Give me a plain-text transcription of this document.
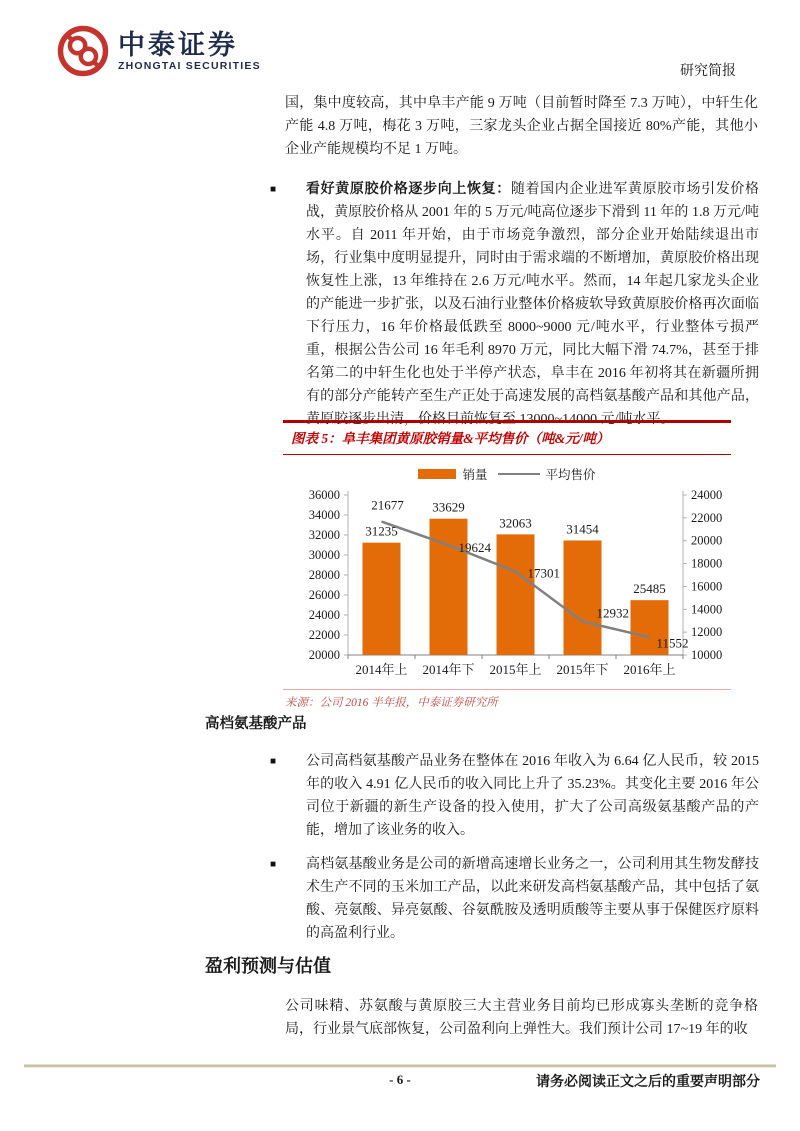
中泰证券
ZHONGTAI SECURITIES	研究简报
国，集中度较高，其中阜丰产能 9 万吨（目前暂时降至 7.3 万吨），中轩生化产能 4.8 万吨，梅花 3 万吨，三家龙头企业占据全国接近 80%产能，其他小企业产能规模均不足 1 万吨。
■	看好黄原胶价格逐步向上恢复：随着国内企业进军黄原胶市场引发价格战，黄原胶价格从 2001 年的 5 万元/吨高位逐步下滑到 11 年的 1.8 万元/吨水平。自 2011 年开始，由于市场竞争激烈，部分企业开始陆续退出市场，行业集中度明显提升，同时由于需求端的不断增加，黄原胶价格出现恢复性上涨，13 年维持在 2.6 万元/吨水平。然而，14 年起几家龙头企业的产能进一步扩张，以及石油行业整体价格疲软导致黄原胶价格再次面临下行压力，16 年价格最低跌至 8000~9000 元/吨水平，行业整体亏损严重，根据公告公司 16 年毛利 8970 万元，同比大幅下滑 74.7%，甚至于排名第二的中轩生化也处于半停产状态，阜丰在 2016 年初将其在新疆所拥有的部分产能转产至生产正处于高速发展的高档氨基酸产品和其他产品，黄原胶逐步出清，价格目前恢复至 13000~14000 元/吨水平。
图表 5：阜丰集团黄原胶销量&平均售价（吨&元/吨）
销量	平均售价
36000
34000
32000
30000
28000
26000
24000
22000
20000
24000
22000
20000
18000
16000
14000
12000
10000
2014年上 2014年下 2015年上 2015年下 2016年上
31235
33629
32063	31454
25485
21677
19624
17301
12932
11552
来源：公司 2016 半年报，中泰证券研究所
高档氨基酸产品
■	公司高档氨基酸产品业务在整体在 2016 年收入为 6.64 亿人民币，较 2015 年的收入 4.91 亿人民币的收入同比上升了 35.23%。其变化主要 2016 年公司位于新疆的新生产设备的投入使用，扩大了公司高级氨基酸产品的产能，增加了该业务的收入。
■	高档氨基酸业务是公司的新增高速增长业务之一，公司利用其生物发酵技术生产不同的玉米加工产品，以此来研发高档氨基酸产品，其中包括了氨酸、亮氨酸、异亮氨酸、谷氨酰胺及透明质酸等主要从事于保健医疗原料的高盈利行业。
盈利预测与估值
公司味精、苏氨酸与黄原胶三大主营业务目前均已形成寡头垄断的竞争格局，行业景气底部恢复，公司盈利向上弹性大。我们预计公司 17~19 年的收
- 6 -	请务必阅读正文之后的重要声明部分
